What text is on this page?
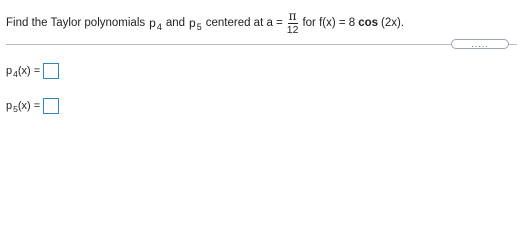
Find the Taylor polynomials $p_4$ and $p_5$ centered at $a = \frac{\pi}{12}$ for f(x) = 8 cos (2x).
.....
p 4 (x) =
p 5 (x) =
